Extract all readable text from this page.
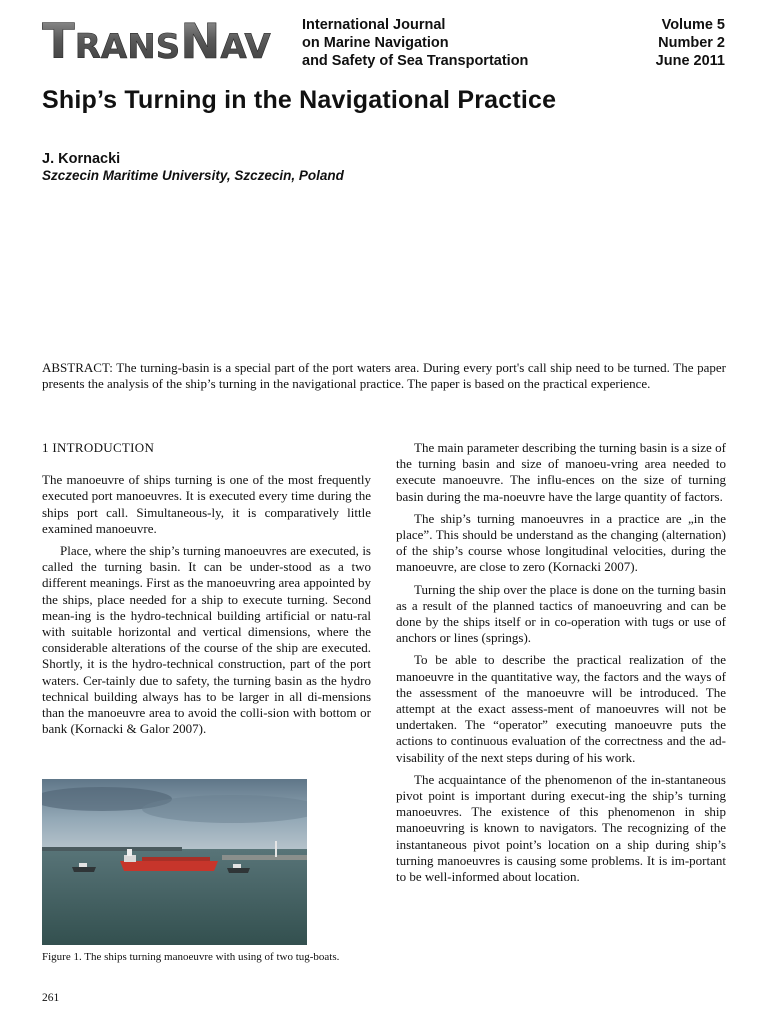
TRANSNAV
International Journal
on Marine Navigation
and Safety of Sea Transportation
Volume 5
Number 2
June 2011
Ship’s Turning in the Navigational Practice
J. Kornacki
Szczecin Maritime University, Szczecin, Poland

ABSTRACT: The turning-basin is a special part of the port waters area. During every port's call ship need to be turned. The paper presents the analysis of the ship’s turning in the navigational practice. The paper is based on the practical experience.

1 INTRODUCTION

The manoeuvre of ships turning is one of the most frequently executed port manoeuvres. It is executed every time during the ships port call. Simultaneous-ly, it is comparatively little examined manoeuvre.

Place, where the ship’s turning manoeuvres are executed, is called the turning basin. It can be under-stood as a two different meanings. First as the manoeuvring area appointed by the ships, place needed for a ship to execute turning. Second mean-ing is the hydro-technical building artificial or natu-ral with suitable horizontal and vertical dimensions, where the considerable alterations of the course of the ship are executed. Shortly, it is the hydro-technical construction, part of the port waters. Cer-tainly due to safety, the turning basin as the hydro technical building always has to be larger in all di-mensions than the manoeuvre area to avoid the colli-sion with bottom or bank (Kornacki & Galor 2007).

Figure 1. The ships turning manoeuvre with using of two tug-boats.

The main parameter describing the turning basin is a size of the turning basin and size of manoeu-vring area needed to execute manoeuvre. The influ-ences on the size of turning basin during the ma-noeuvre have the large quantity of factors.

The ship’s turning manoeuvres in a practice are „in the place”. This should be understand as the changing (alternation) of the ship’s course whose longitudinal velocities, during the manoeuvre, are close to zero (Kornacki 2007).

Turning the ship over the place is done on the turning basin as a result of the planned tactics of manoeuvring and can be done by the ships itself or in co-operation with tugs or use of anchors or lines (springs).

To be able to describe the practical realization of the manoeuvre in the quantitative way, the factors and the ways of the assessment of the manoeuvre will be introduced. The attempt at the exact assess-ment of manoeuvres will not be undertaken. The “operator” executing manoeuvre puts the actions to continuous evaluation of the correctness and the ad-visability of the next steps during of his work.

The acquaintance of the phenomenon of the in-stantaneous pivot point is important during execut-ing the ship’s turning manoeuvres. The existence of this phenomenon in ship manoeuvring is known to navigators. The recognizing of the instantaneous pivot point’s location on a ship during ship’s turning manoeuvres is causing some problems. It is im-portant to be well-informed about location.

261
